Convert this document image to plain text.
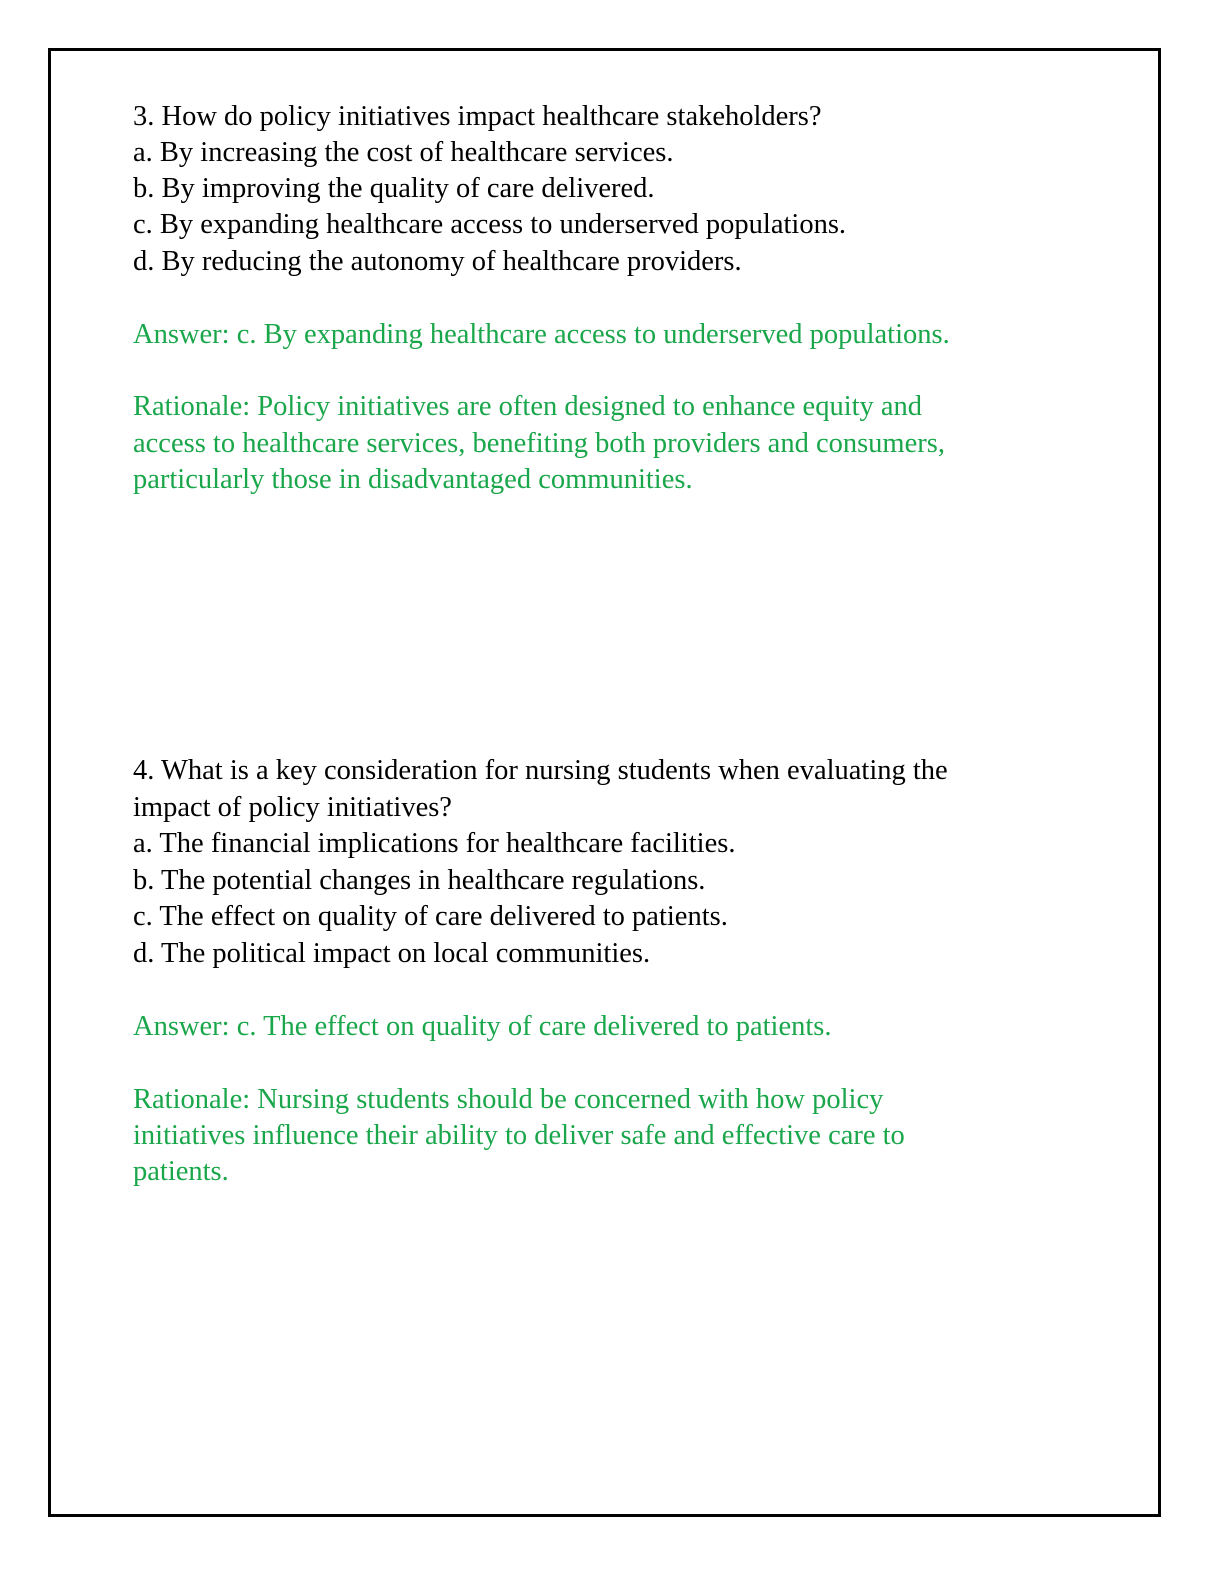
3. How do policy initiatives impact healthcare stakeholders?

a. By increasing the cost of healthcare services.

b. By improving the quality of care delivered.

c. By expanding healthcare access to underserved populations.

d. By reducing the autonomy of healthcare providers.

Answer: c. By expanding healthcare access to underserved populations.

Rationale: Policy initiatives are often designed to enhance equity and

access to healthcare services, benefiting both providers and consumers,

particularly those in disadvantaged communities.

4. What is a key consideration for nursing students when evaluating the

impact of policy initiatives?

a. The financial implications for healthcare facilities.

b. The potential changes in healthcare regulations.

c. The effect on quality of care delivered to patients.

d. The political impact on local communities.

Answer: c. The effect on quality of care delivered to patients.

Rationale: Nursing students should be concerned with how policy

initiatives influence their ability to deliver safe and effective care to

patients.
